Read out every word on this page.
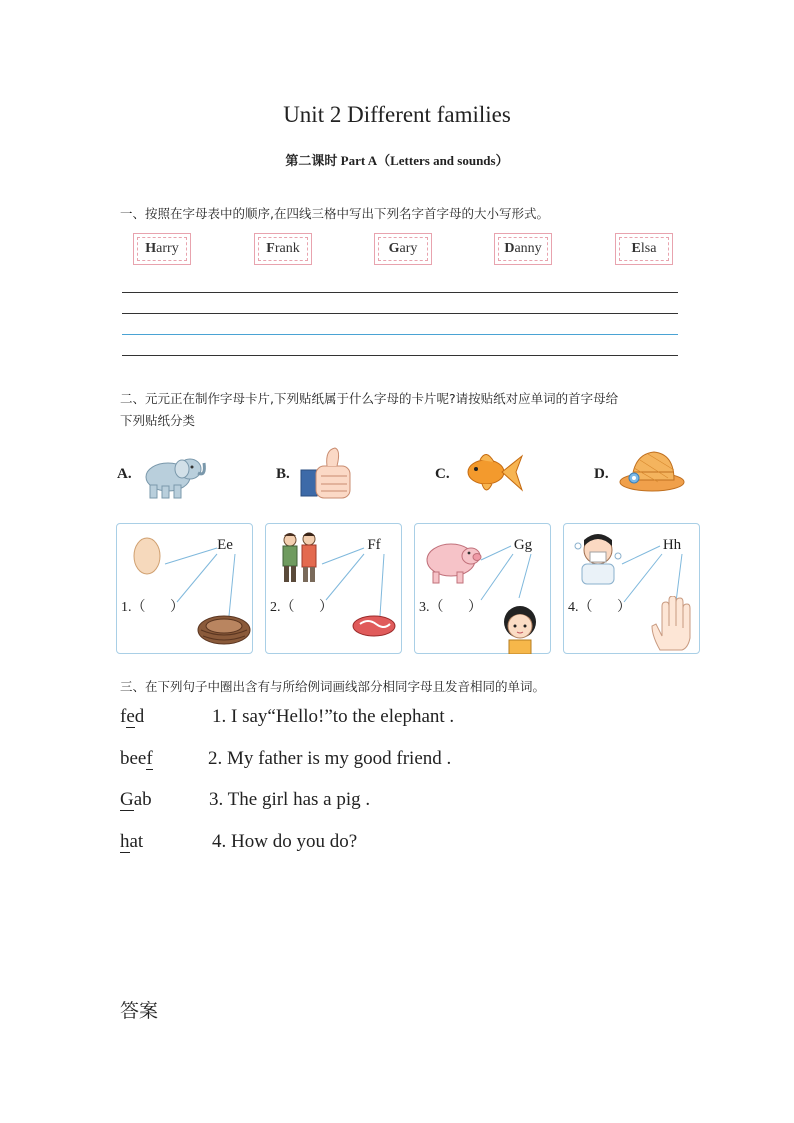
Unit 2 Different families
第二课时 Part A（Letters and sounds）
一、按照在字母表中的顺序,在四线三格中写出下列名字首字母的大小写形式。
H arry	F rank	G ary	D anny	E lsa
二、元元正在制作字母卡片,下列贴纸属于什么字母的卡片呢?请按贴纸对应单词的首字母给
下列贴纸分类
A.	B.	C.	D.
Ee
1.（       ）
Ff
2.（       ）
Gg
3.（       ）
Hh
4.（       ）
三、在下列句子中圈出含有与所给例词画线部分相同字母且发音相同的单词。
fed	1. I say“Hello!”to the elephant .
beef	2. My father is my good friend .
Gab	3. The girl has a pig .
hat	4. How do you do?
答案
